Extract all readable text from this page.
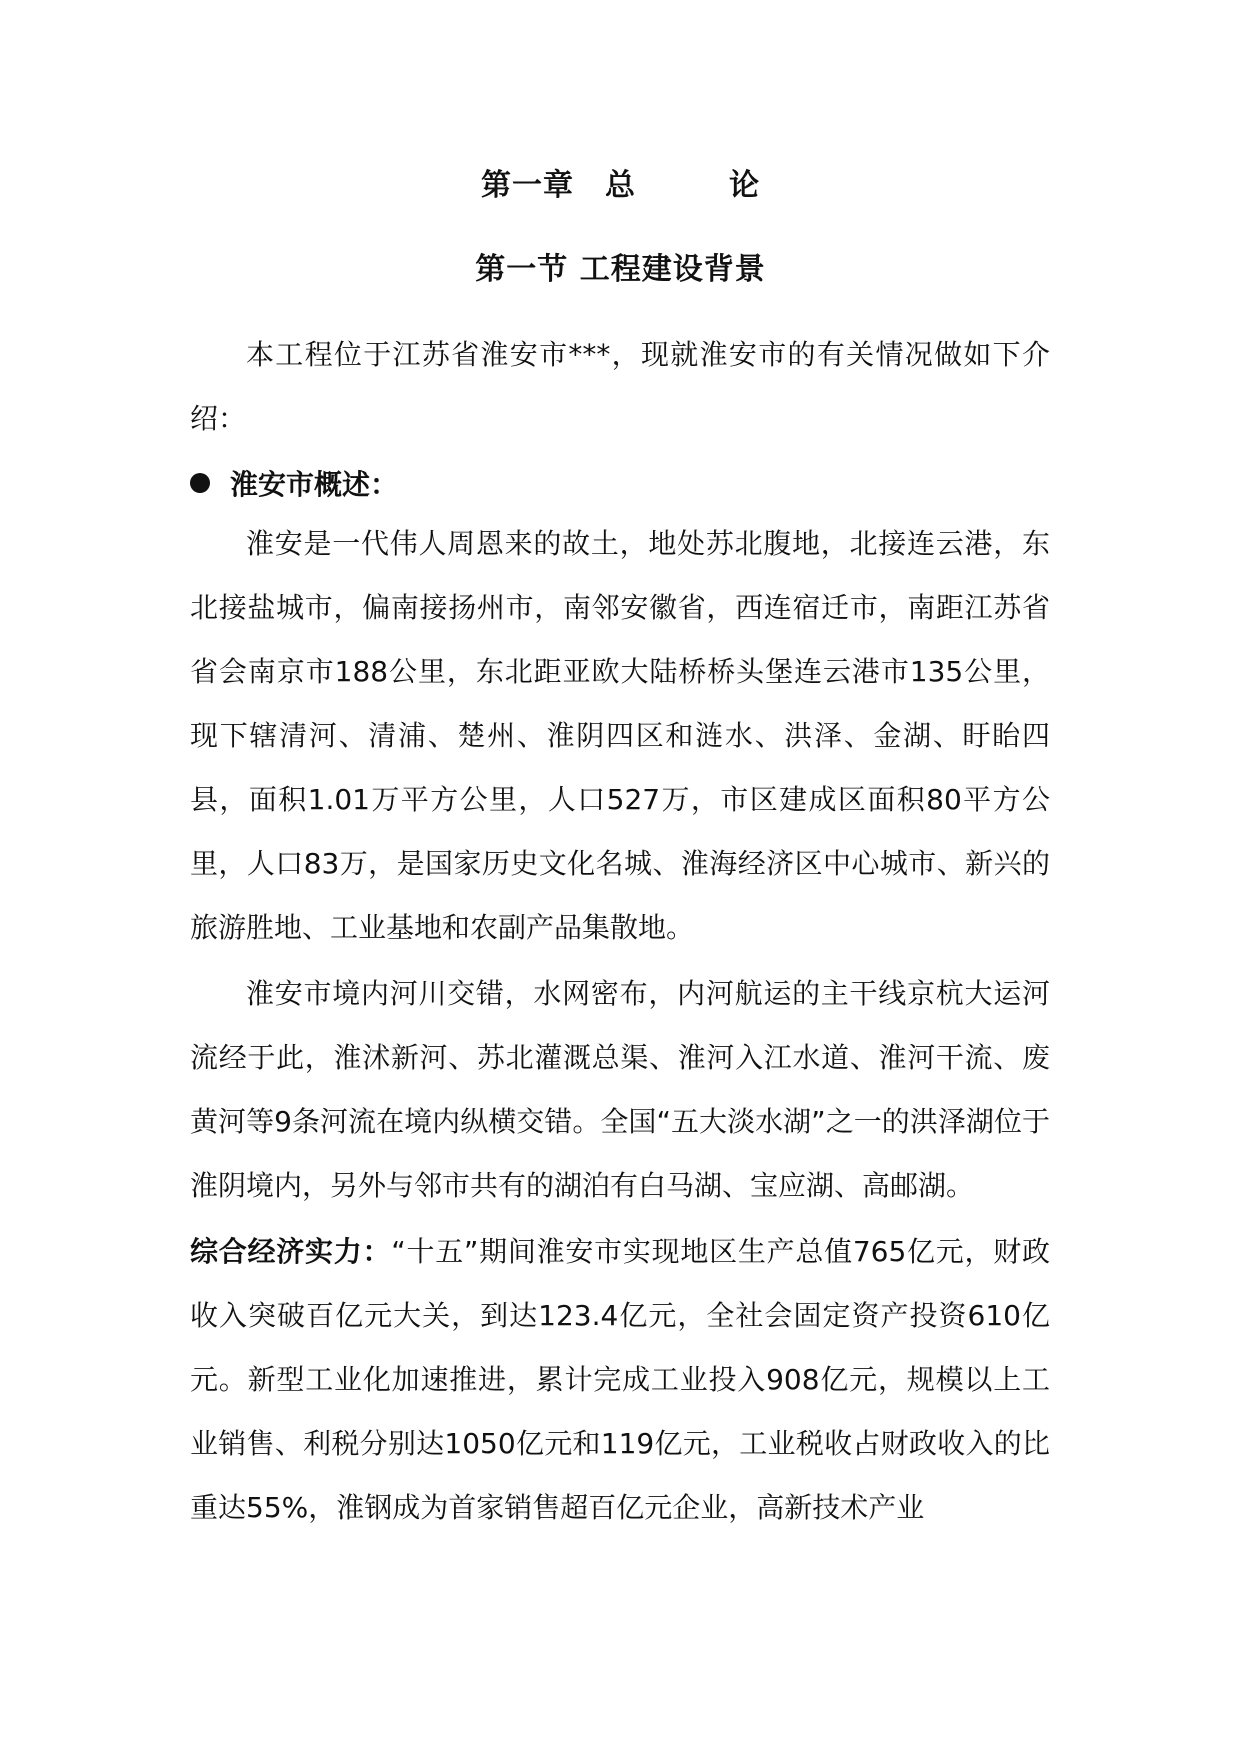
第一章　总　　　论
第一节 工程建设背景

本工程位于江苏省淮安市***，现就淮安市的有关情况做如下介绍：

淮安市概述：

淮安是一代伟人周恩来的故土，地处苏北腹地，北接连云港，东北接盐城市，偏南接扬州市，南邻安徽省，西连宿迁市，南距江苏省省会南京市188公里，东北距亚欧大陆桥桥头堡连云港市135公里，现下辖清河、清浦、楚州、淮阴四区和涟水、洪泽、金湖、盱眙四县，面积1.01万平方公里，人口527万，市区建成区面积80平方公里，人口83万，是国家历史文化名城、淮海经济区中心城市、新兴的旅游胜地、工业基地和农副产品集散地。

淮安市境内河川交错，水网密布，内河航运的主干线京杭大运河流经于此，淮沭新河、苏北灌溉总渠、淮河入江水道、淮河干流、废黄河等9条河流在境内纵横交错。全国“五大淡水湖”之一的洪泽湖位于淮阴境内，另外与邻市共有的湖泊有白马湖、宝应湖、高邮湖。

综合经济实力：“十五”期间淮安市实现地区生产总值765亿元，财政收入突破百亿元大关，到达123.4亿元，全社会固定资产投资610亿元。新型工业化加速推进，累计完成工业投入908亿元，规模以上工业销售、利税分别达1050亿元和119亿元，工业税收占财政收入的比重达55%，淮钢成为首家销售超百亿元企业，高新技术产业
